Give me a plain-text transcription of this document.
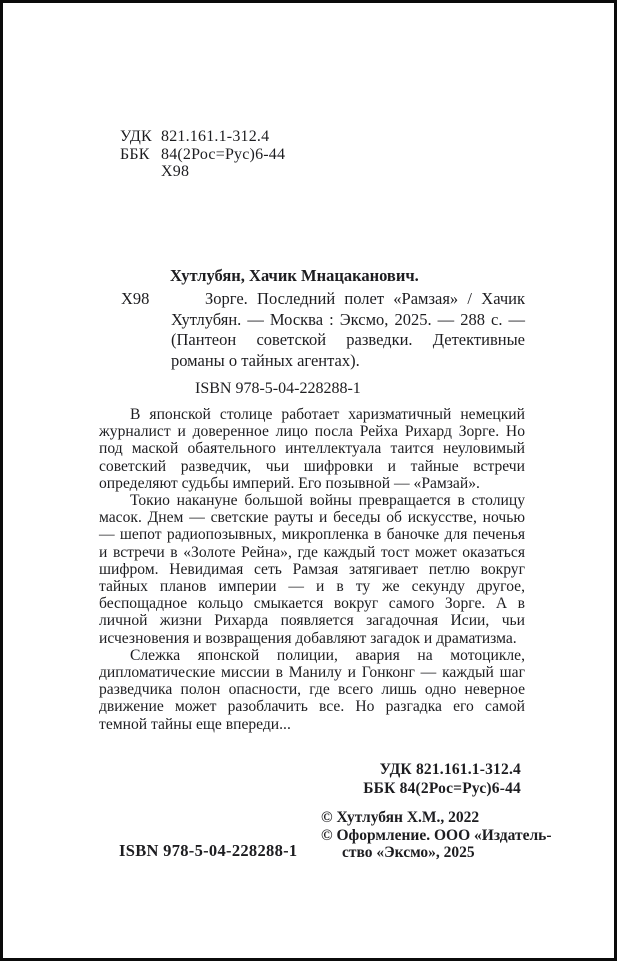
УДК 821.161.1-312.4
ББК 84(2Рос=Рус)6-44
Х98
Хутлубян, Хачик Мнацаканович.
Х98	Зорге. Последний полет «Рамзая» / Хачик Хутлубян. — Москва : Эксмо, 2025. — 288 с. — (Пантеон советской разведки. Детективные романы о тайных агентах).

ISBN 978-5-04-228288-1

В японской столице работает харизматичный немецкий журналист и доверенное лицо посла Рейха Рихард Зорге. Но под маской обаятельного интеллектуала таится неуловимый советский разведчик, чьи шифровки и тайные встречи определяют судьбы империй. Его позывной — «Рамзай».

Токио накануне большой войны превращается в столицу масок. Днем — светские рауты и беседы об искусстве, ночью — шепот радиопозывных, микропленка в баночке для печенья и встречи в «Золоте Рейна», где каждый тост может оказаться шифром. Невидимая сеть Рамзая затягивает петлю вокруг тайных планов империи — и в ту же секунду другое, беспощадное кольцо смыкается вокруг самого Зорге. А в личной жизни Рихарда появляется загадочная Исии, чьи исчезновения и возвращения добавляют загадок и драматизма.

Слежка японской полиции, авария на мотоцикле, дипломатические миссии в Манилу и Гонконг — каждый шаг разведчика полон опасности, где всего лишь одно неверное движение может разоблачить все. Но разгадка его самой темной тайны еще впереди...

УДК 821.161.1-312.4
ББК 84(2Рос=Рус)6-44
© Хутлубян Х.М., 2022
© Оформление. ООО «Издатель-
ство «Эксмо», 2025
ISBN 978-5-04-228288-1
